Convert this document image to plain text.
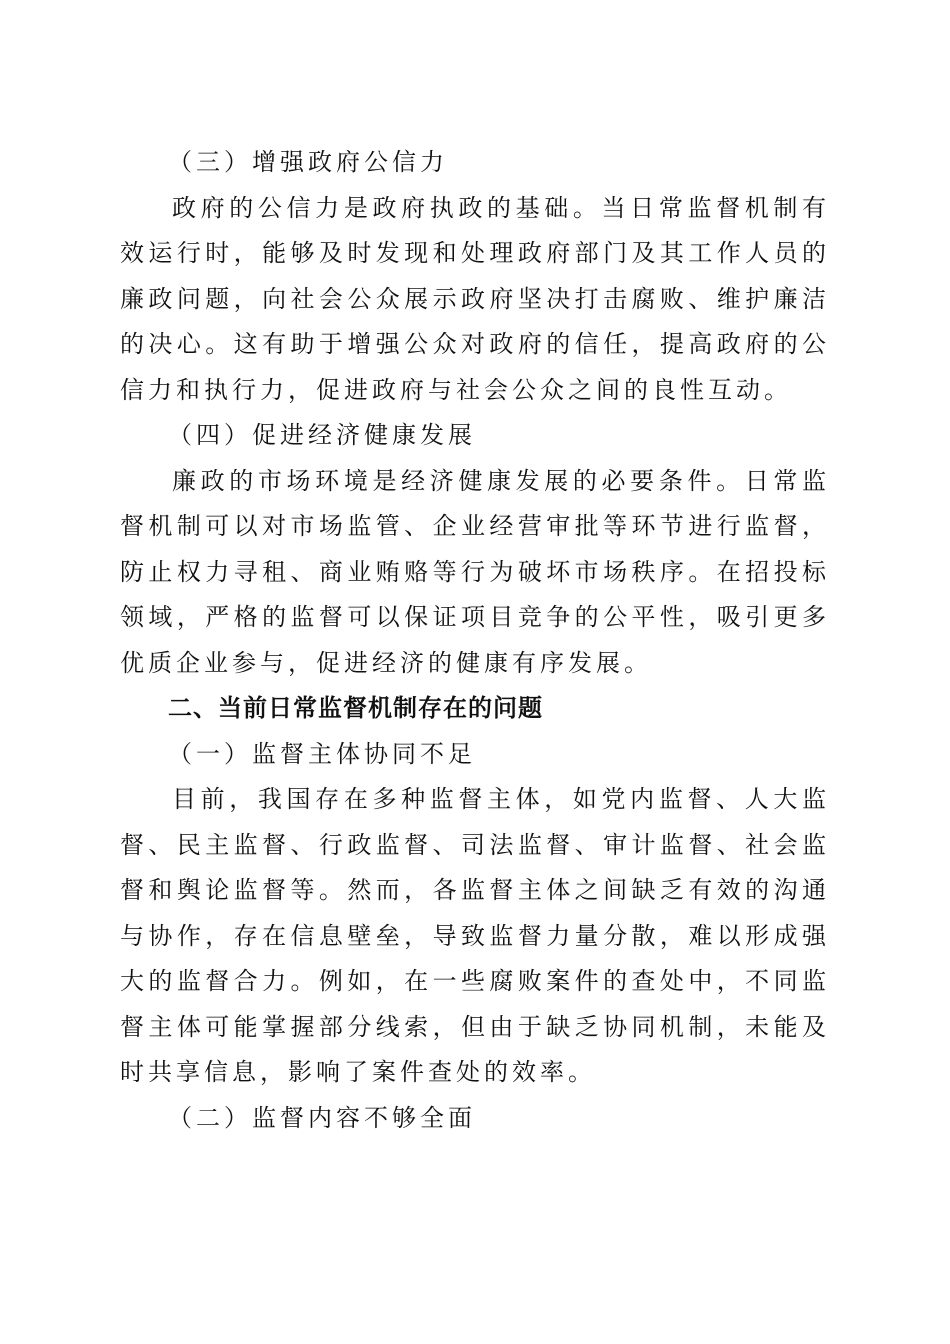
（三）增强政府公信力

政府的公信力是政府执政的基础。当日常监督机制有效运行时，能够及时发现和处理政府部门及其工作人员的廉政问题，向社会公众展示政府坚决打击腐败、维护廉洁的决心。这有助于增强公众对政府的信任，提高政府的公信力和执行力，促进政府与社会公众之间的良性互动。

（四）促进经济健康发展

廉政的市场环境是经济健康发展的必要条件。日常监督机制可以对市场监管、企业经营审批等环节进行监督，防止权力寻租、商业贿赂等行为破坏市场秩序。在招投标领域，严格的监督可以保证项目竞争的公平性，吸引更多优质企业参与，促进经济的健康有序发展。

二、当前日常监督机制存在的问题

（一）监督主体协同不足

目前，我国存在多种监督主体，如党内监督、人大监督、民主监督、行政监督、司法监督、审计监督、社会监督和舆论监督等。然而，各监督主体之间缺乏有效的沟通与协作，存在信息壁垒，导致监督力量分散，难以形成强大的监督合力。例如，在一些腐败案件的查处中，不同监督主体可能掌握部分线索，但由于缺乏协同机制，未能及时共享信息，影响了案件查处的效率。

（二）监督内容不够全面
